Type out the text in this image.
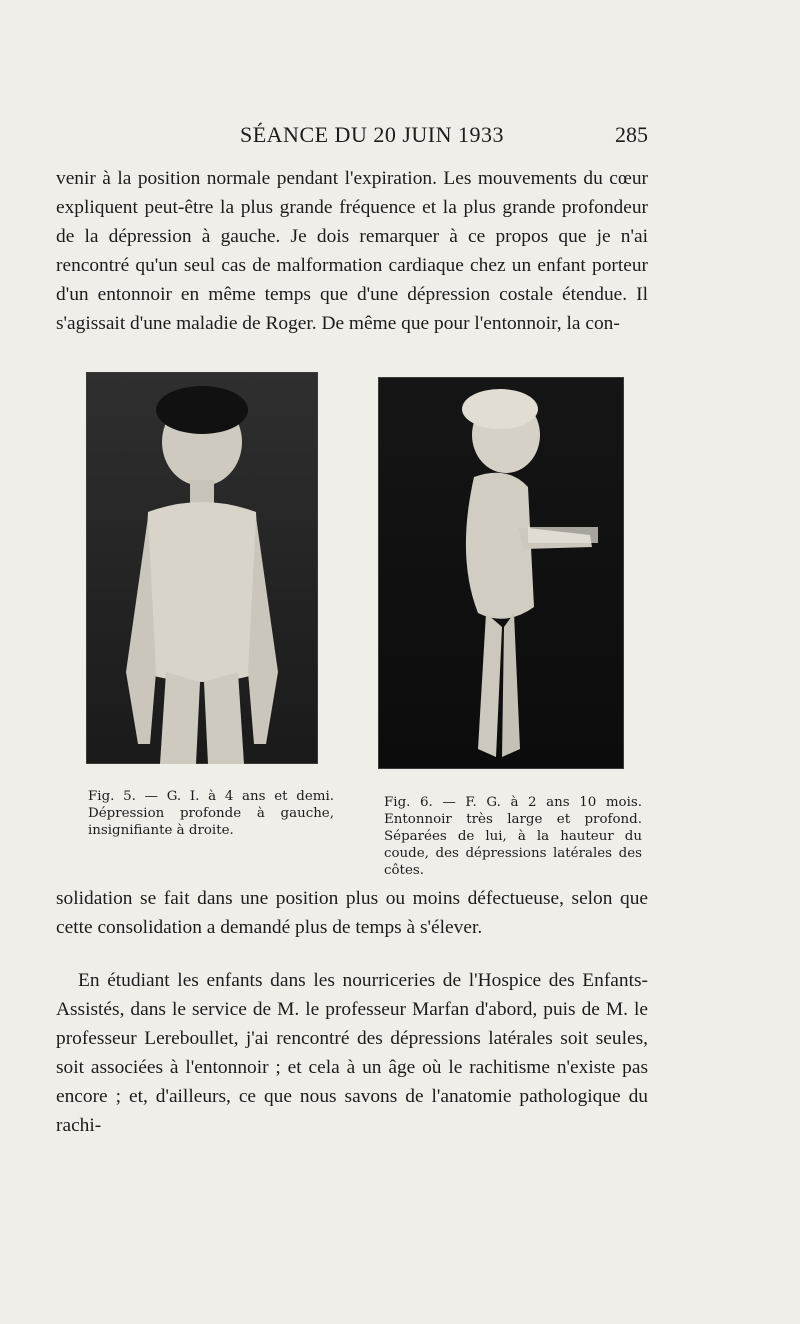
SÉANCE DU 20 JUIN 1933	285

venir à la position normale pendant l'expiration. Les mouvements du cœur expliquent peut-être la plus grande fréquence et la plus grande profondeur de la dépression à gauche. Je dois remarquer à ce propos que je n'ai rencontré qu'un seul cas de malformation cardiaque chez un enfant porteur d'un entonnoir en même temps que d'une dépression costale étendue. Il s'agissait d'une maladie de Roger. De même que pour l'entonnoir, la con-

Fig. 5. — G. I. à 4 ans et demi. Dépression profonde à gauche, insignifiante à droite.

Fig. 6. — F. G. à 2 ans 10 mois. Entonnoir très large et profond. Séparées de lui, à la hauteur du coude, des dépressions latérales des côtes.

solidation se fait dans une position plus ou moins défectueuse, selon que cette consolidation a demandé plus de temps à s'élever.

En étudiant les enfants dans les nourriceries de l'Hospice des Enfants-Assistés, dans le service de M. le professeur Marfan d'abord, puis de M. le professeur Lereboullet, j'ai rencontré des dépressions latérales soit seules, soit associées à l'entonnoir ; et cela à un âge où le rachitisme n'existe pas encore ; et, d'ailleurs, ce que nous savons de l'anatomie pathologique du rachi-
